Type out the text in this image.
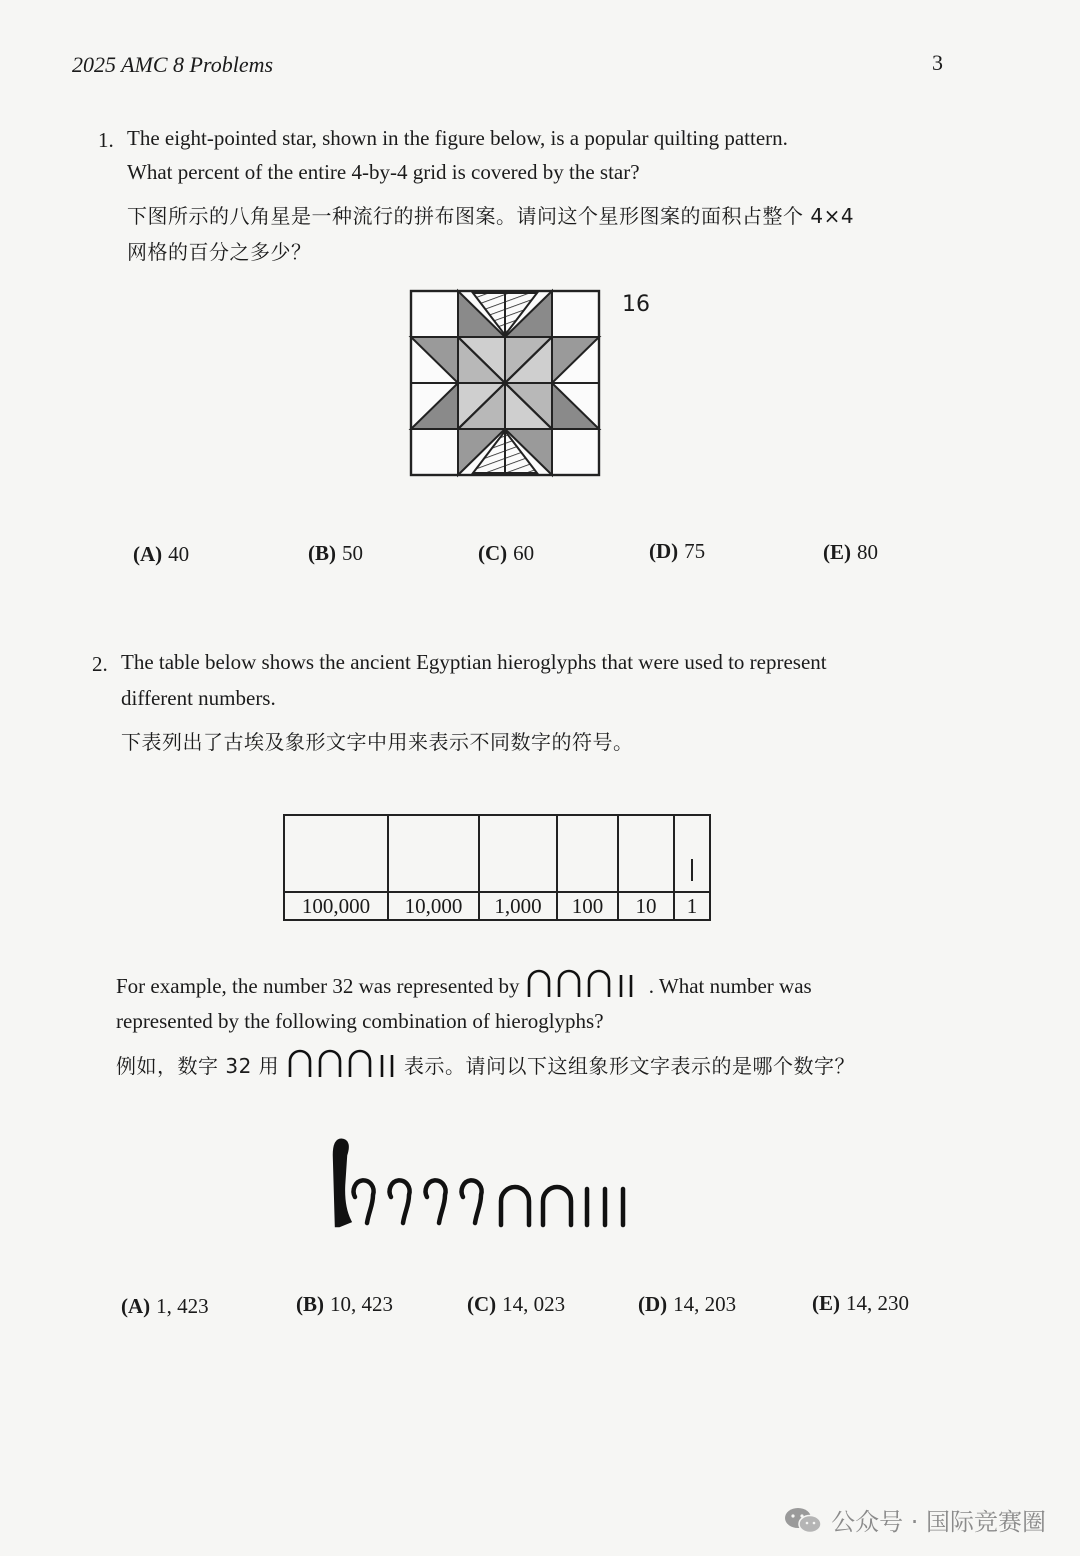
2025 AMC 8 Problems	3
1. The eight-pointed star, shown in the figure below, is a popular quilting pattern.
What percent of the entire 4-by-4 grid is covered by the star?
下图所示的八角星是一种流行的拼布图案。请问这个星形图案的面积占整个 4×4
网格的百分之多少？
16
(A) 40	(B) 50	(C) 60	(D) 75	(E) 80
2. The table below shows the ancient Egyptian hieroglyphs that were used to represent
different numbers.
下表列出了古埃及象形文字中用来表示不同数字的符号。

100,000	10,000	1,000	100	10	1
For example, the number 32 was represented by	. What number was
represented by the following combination of hieroglyphs?
例如，数字 32 用	表示。请问以下这组象形文字表示的是哪个数字？
(A) 1, 423	(B) 10, 423	(C) 14, 023	(D) 14, 203	(E) 14, 230
公众号 · 国际竞赛圈
